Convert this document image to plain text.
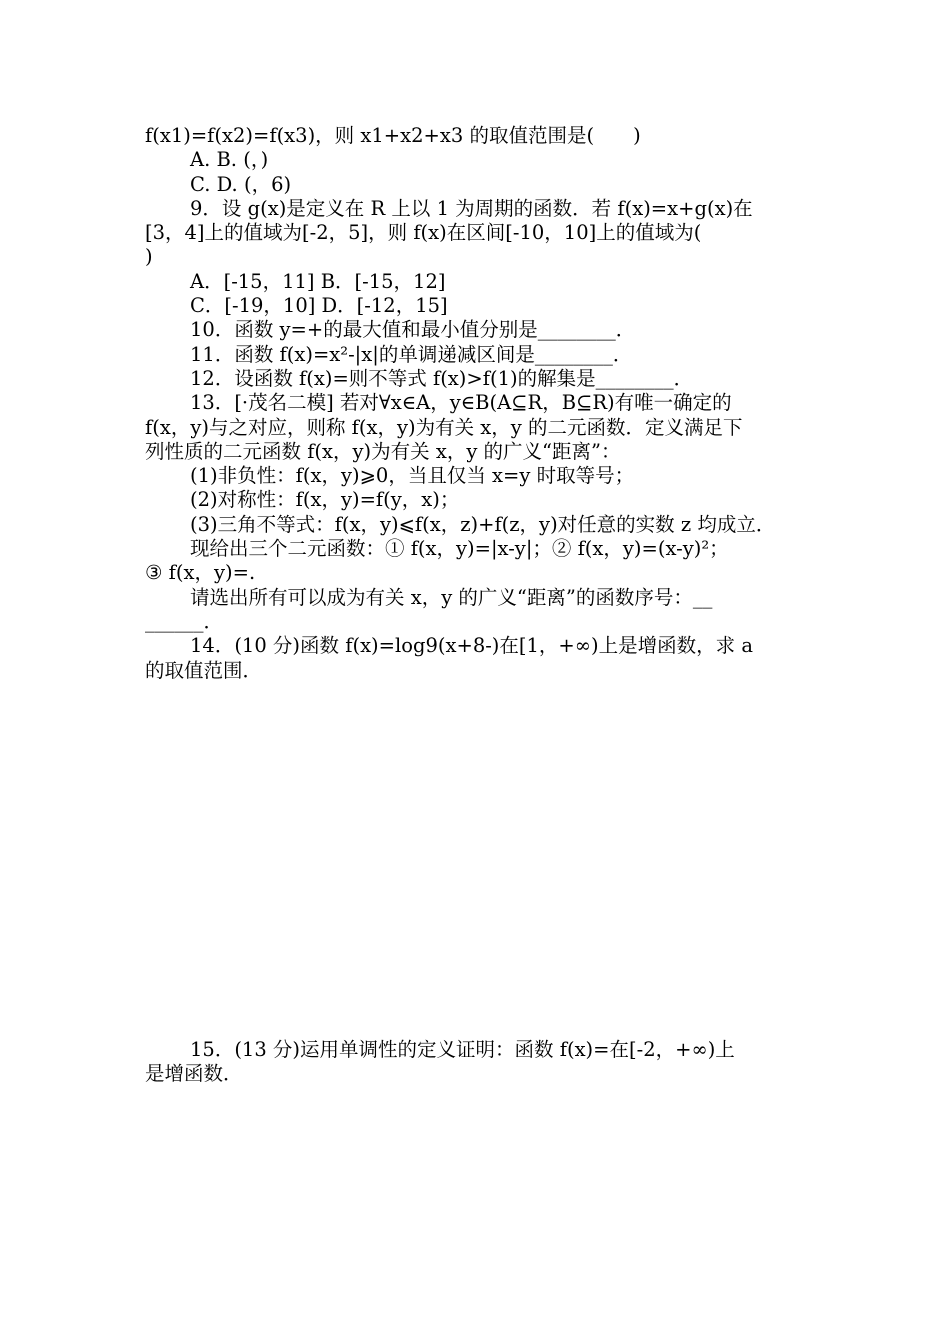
f(x1)=f(x2)=f(x3)，则 x1+x2+x3 的取值范围是(　　)
A. B. (，)
C. D. (，6)
9．设 g(x)是定义在 R 上以 1 为周期的函数．若 f(x)=x+g(x)在
[3，4]上的值域为[-2，5]，则 f(x)在区间[-10，10]上的值域为(
)
A．[-15，11] B．[-15，12]
C．[-19，10] D．[-12，15]
10．函数 y=+的最大值和最小值分别是________．
11．函数 f(x)=x²-|x|的单调递减区间是________．
12．设函数 f(x)=则不等式 f(x)>f(1)的解集是________．
13．[·茂名二模] 若对∀x∈A，y∈B(A⊆R，B⊆R)有唯一确定的
f(x，y)与之对应，则称 f(x，y)为有关 x，y 的二元函数．定义满足下
列性质的二元函数 f(x，y)为有关 x，y 的广义“距离”：
(1)非负性：f(x，y)⩾0，当且仅当 x=y 时取等号；
(2)对称性：f(x，y)=f(y，x)；
(3)三角不等式：f(x，y)⩽f(x，z)+f(z，y)对任意的实数 z 均成立．
现给出三个二元函数：① f(x，y)=|x-y|；② f(x，y)=(x-y)²；
③ f(x，y)=.
请选出所有可以成为有关 x，y 的广义“距离”的函数序号：__
______．
14．(10 分)函数 f(x)=log9(x+8-)在[1，+∞)上是增函数，求 a
的取值范围．
15．(13 分)运用单调性的定义证明：函数 f(x)=在[-2，+∞)上
是增函数．
